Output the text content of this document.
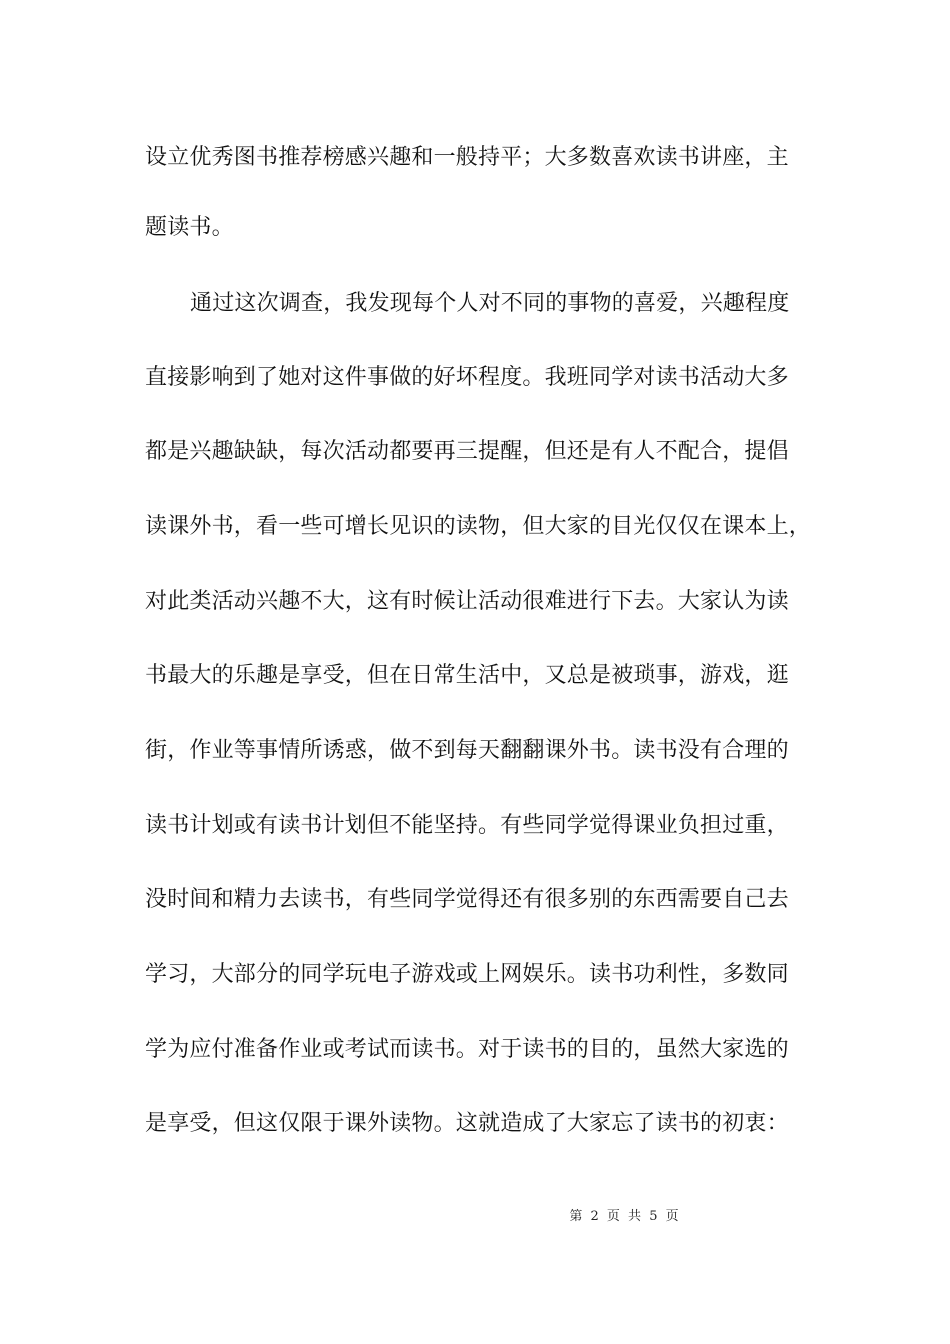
设立优秀图书推荐榜感兴趣和一般持平；大多数喜欢读书讲座，主
题读书。
通过这次调查，我发现每个人对不同的事物的喜爱，兴趣程度
直接影响到了她对这件事做的好坏程度。我班同学对读书活动大多
都是兴趣缺缺，每次活动都要再三提醒，但还是有人不配合，提倡
读课外书，看一些可增长见识的读物，但大家的目光仅仅在课本上，
对此类活动兴趣不大，这有时候让活动很难进行下去。大家认为读
书最大的乐趣是享受，但在日常生活中，又总是被琐事，游戏，逛
街，作业等事情所诱惑，做不到每天翻翻课外书。读书没有合理的
读书计划或有读书计划但不能坚持。有些同学觉得课业负担过重，
没时间和精力去读书，有些同学觉得还有很多别的东西需要自己去
学习，大部分的同学玩电子游戏或上网娱乐。读书功利性，多数同
学为应付准备作业或考试而读书。对于读书的目的，虽然大家选的
是享受，但这仅限于课外读物。这就造成了大家忘了读书的初衷：
第 2 页 共 5 页
